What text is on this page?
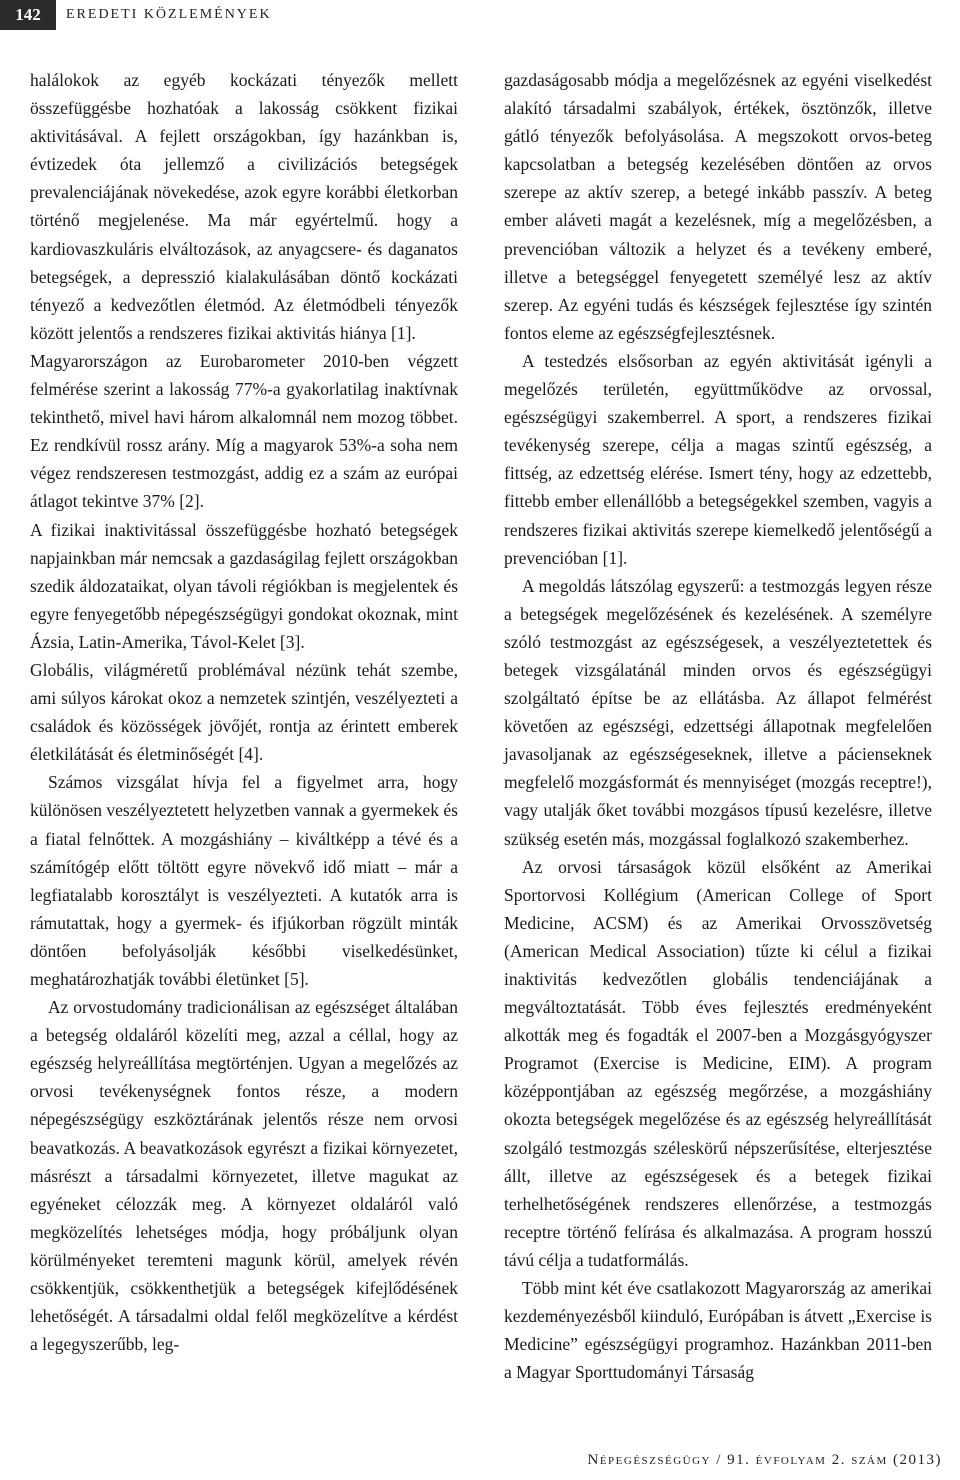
142	EREDETI KÖZLEMÉNYEK

halálokok az egyéb kockázati tényezők mellett összefüggésbe hozhatóak a lakosság csökkent fizikai aktivitásával. A fejlett országokban, így hazánkban is, évtizedek óta jellemző a civilizációs betegségek prevalenciájának növekedése, azok egyre korábbi életkorban történő megjelenése. Ma már egyértelmű. hogy a kardiovaszkuláris elváltozások, az anyagcsere- és daganatos betegségek, a depresszió kialakulásában döntő kockázati tényező a kedvezőtlen életmód. Az életmódbeli tényezők között jelentős a rendszeres fizikai aktivitás hiánya [1].

Magyarországon az Eurobarometer 2010-ben végzett felmérése szerint a lakosság 77%-a gyakorlatilag inaktívnak tekinthető, mivel havi három alkalomnál nem mozog többet. Ez rendkívül rossz arány. Míg a magyarok 53%-a soha nem végez rendszeresen testmozgást, addig ez a szám az európai átlagot tekintve 37% [2].

A fizikai inaktivitással összefüggésbe hozható betegségek napjainkban már nemcsak a gazdaságilag fejlett országokban szedik áldozataikat, olyan távoli régiókban is megjelentek és egyre fenyegetőbb népegészségügyi gondokat okoznak, mint Ázsia, Latin-Amerika, Távol-Kelet [3].

Globális, világméretű problémával nézünk tehát szembe, ami súlyos károkat okoz a nemzetek szintjén, veszélyezteti a családok és közösségek jövőjét, rontja az érintett emberek életkilátását és életminőségét [4].

Számos vizsgálat hívja fel a figyelmet arra, hogy különösen veszélyeztetett helyzetben vannak a gyermekek és a fiatal felnőttek. A mozgáshiány – kiváltképp a tévé és a számítógép előtt töltött egyre növekvő idő miatt – már a legfiatalabb korosztályt is veszélyezteti. A kutatók arra is rámutattak, hogy a gyermek- és ifjúkorban rögzült minták döntően befolyásolják későbbi viselkedésünket, meghatározhatják további életünket [5].

Az orvostudomány tradicionálisan az egészséget általában a betegség oldaláról közelíti meg, azzal a céllal, hogy az egészség helyreállítása megtörténjen. Ugyan a megelőzés az orvosi tevékenységnek fontos része, a modern népegészségügy eszköztárának jelentős része nem orvosi beavatkozás. A beavatkozások egyrészt a fizikai környezetet, másrészt a társadalmi környezetet, illetve magukat az egyéneket célozzák meg. A környezet oldaláról való megközelítés lehetséges módja, hogy próbáljunk olyan körülményeket teremteni magunk körül, amelyek révén csökkentjük, csökkenthetjük a betegségek kifejlődésének lehetőségét. A társadalmi oldal felől megközelítve a kérdést a legegyszerűbb, leg-

gazdaságosabb módja a megelőzésnek az egyéni viselkedést alakító társadalmi szabályok, értékek, ösztönzők, illetve gátló tényezők befolyásolása. A megszokott orvos-beteg kapcsolatban a betegség kezelésében döntően az orvos szerepe az aktív szerep, a betegé inkább passzív. A beteg ember aláveti magát a kezelésnek, míg a megelőzésben, a prevencióban változik a helyzet és a tevékeny emberé, illetve a betegséggel fenyegetett személyé lesz az aktív szerep. Az egyéni tudás és készségek fejlesztése így szintén fontos eleme az egészségfejlesztésnek.

A testedzés elsősorban az egyén aktivitását igényli a megelőzés területén, együttműködve az orvossal, egészségügyi szakemberrel. A sport, a rendszeres fizikai tevékenység szerepe, célja a magas szintű egészség, a fittség, az edzettség elérése. Ismert tény, hogy az edzettebb, fittebb ember ellenállóbb a betegségekkel szemben, vagyis a rendszeres fizikai aktivitás szerepe kiemelkedő jelentőségű a prevencióban [1].

A megoldás látszólag egyszerű: a testmozgás legyen része a betegségek megelőzésének és kezelésének. A személyre szóló testmozgást az egészségesek, a veszélyeztetettek és betegek vizsgálatánál minden orvos és egészségügyi szolgáltató építse be az ellátásba. Az állapot felmérést követően az egészségi, edzettségi állapotnak megfelelően javasoljanak az egészségeseknek, illetve a pácienseknek megfelelő mozgásformát és mennyiséget (mozgás receptre!), vagy utalják őket további mozgásos típusú kezelésre, illetve szükség esetén más, mozgással foglalkozó szakemberhez.

Az orvosi társaságok közül elsőként az Amerikai Sportorvosi Kollégium (American College of Sport Medicine, ACSM) és az Amerikai Orvosszövetség (American Medical Association) tűzte ki célul a fizikai inaktivitás kedvezőtlen globális tendenciájának a megváltoztatását. Több éves fejlesztés eredményeként alkották meg és fogadták el 2007-ben a Mozgásgyógyszer Programot (Exercise is Medicine, EIM). A program középpontjában az egészség megőrzése, a mozgáshiány okozta betegségek megelőzése és az egészség helyreállítását szolgáló testmozgás széleskörű népszerűsítése, elterjesztése állt, illetve az egészségesek és a betegek fizikai terhelhetőségének rendszeres ellenőrzése, a testmozgás receptre történő felírása és alkalmazása. A program hosszú távú célja a tudatformálás.

Több mint két éve csatlakozott Magyarország az amerikai kezdeményezésből kiinduló, Európában is átvett „Exercise is Medicine” egészségügyi programhoz. Hazánkban 2011-ben a Magyar Sporttudományi Társaság

Népegészségügy / 91. évfolyam 2. szám (2013)
